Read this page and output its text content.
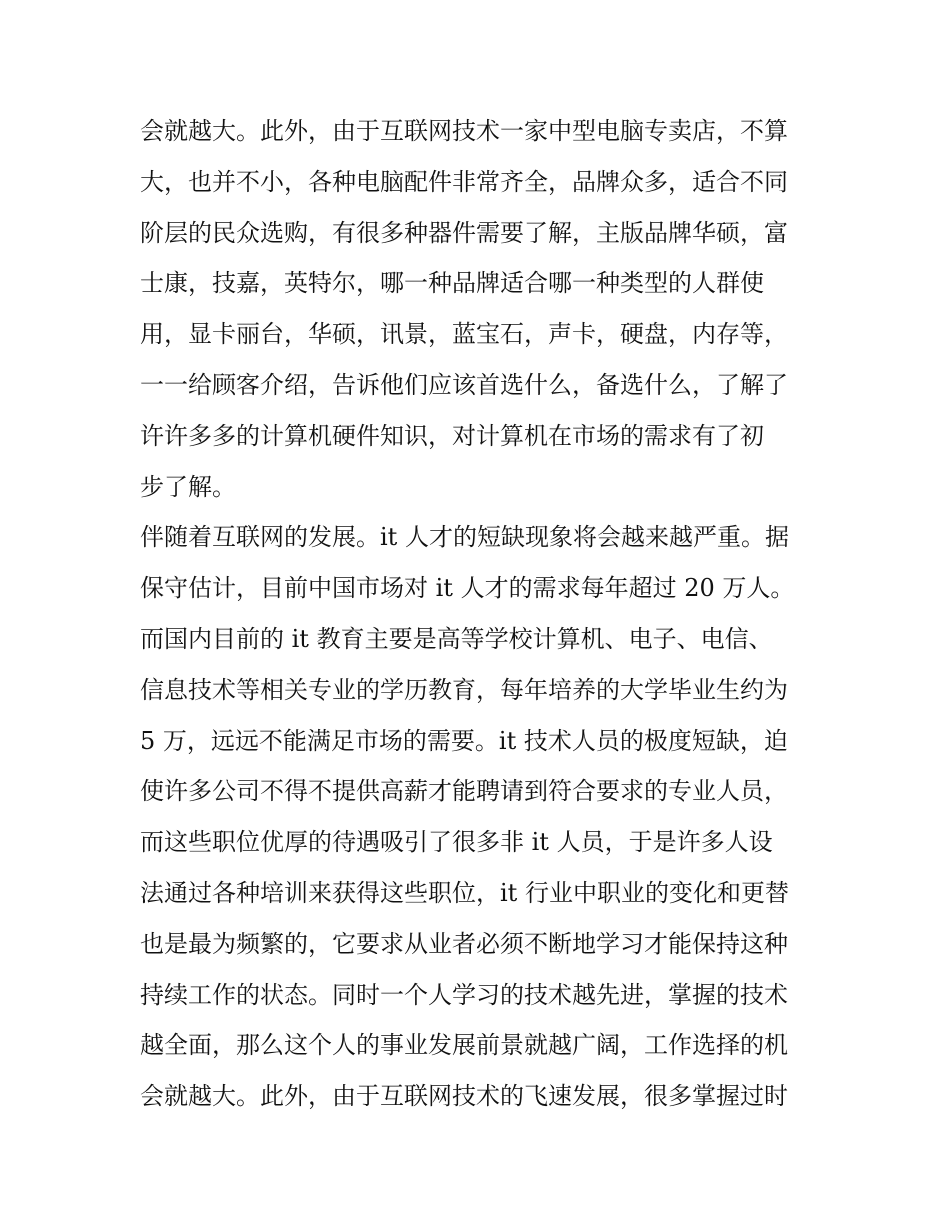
会就越大。此外，由于互联网技术一家中型电脑专卖店，不算
大，也并不小，各种电脑配件非常齐全，品牌众多，适合不同
阶层的民众选购，有很多种器件需要了解，主版品牌华硕，富
士康，技嘉，英特尔，哪一种品牌适合哪一种类型的人群使
用，显卡丽台，华硕，讯景，蓝宝石，声卡，硬盘，内存等，
一一给顾客介绍，告诉他们应该首选什么，备选什么，了解了
许许多多的计算机硬件知识，对计算机在市场的需求有了初
步了解。
伴随着互联网的发展。it 人才的短缺现象将会越来越严重。据
保守估计，目前中国市场对 it 人才的需求每年超过 20 万人。
而国内目前的 it 教育主要是高等学校计算机、电子、电信、
信息技术等相关专业的学历教育，每年培养的大学毕业生约为
5 万，远远不能满足市场的需要。it 技术人员的极度短缺，迫
使许多公司不得不提供高薪才能聘请到符合要求的专业人员，
而这些职位优厚的待遇吸引了很多非 it 人员，于是许多人设
法通过各种培训来获得这些职位，it 行业中职业的变化和更替
也是最为频繁的，它要求从业者必须不断地学习才能保持这种
持续工作的状态。同时一个人学习的技术越先进，掌握的技术
越全面，那么这个人的事业发展前景就越广阔，工作选择的机
会就越大。此外，由于互联网技术的飞速发展，很多掌握过时
